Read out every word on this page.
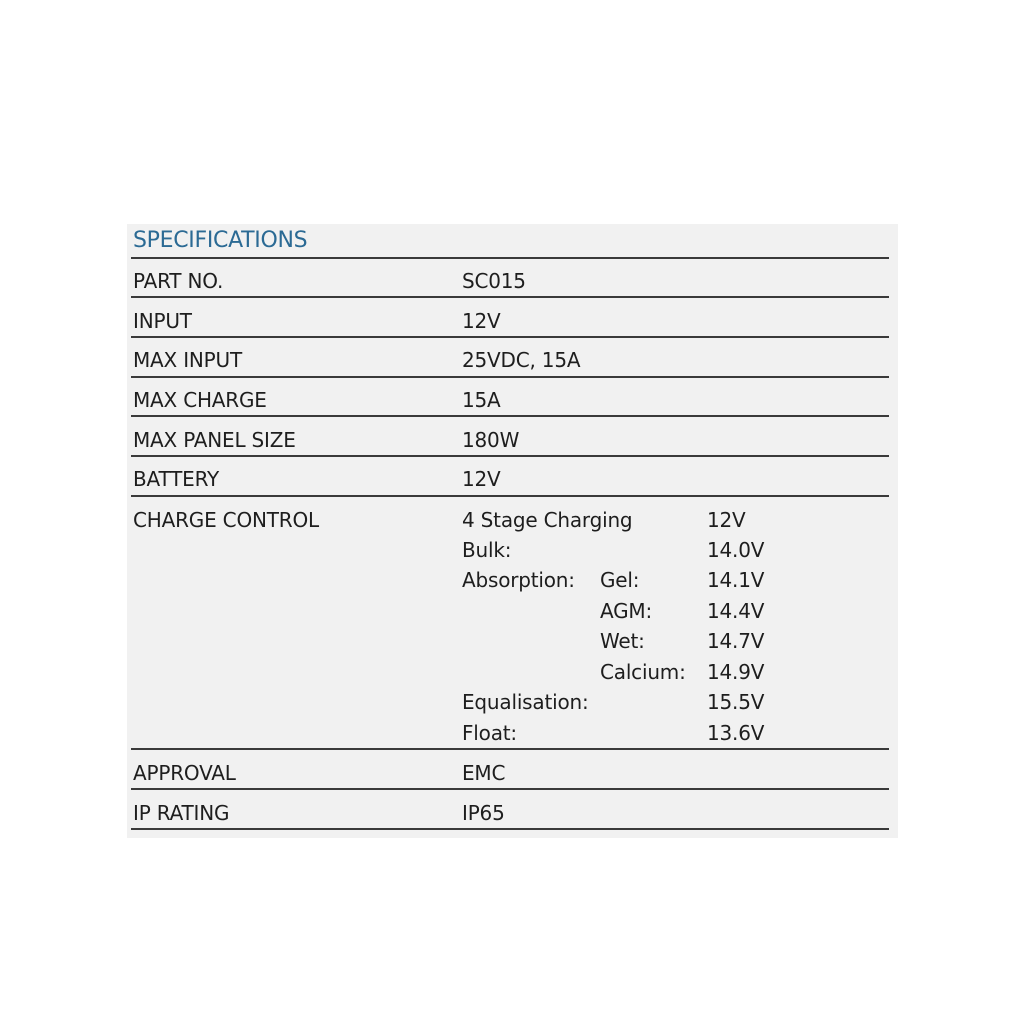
SPECIFICATIONS
PART NO.	SC015
INPUT	12V
MAX INPUT	25VDC, 15A
MAX CHARGE	15A
MAX PANEL SIZE	180W
BATTERY	12V
CHARGE CONTROL	4 Stage Charging	12V
Bulk:	14.0V
Absorption: Gel:	14.1V
AGM:	14.4V
Wet:	14.7V
Calcium: 14.9V
Equalisation:	15.5V
Float:	13.6V
APPROVAL	EMC
IP RATING	IP65
